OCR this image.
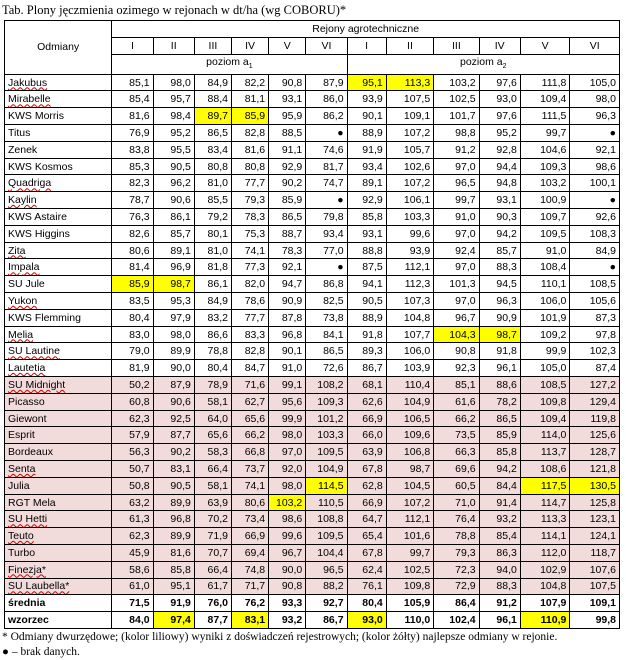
Tab. Plony jęczmienia ozimego w rejonach w dt/ha (wg COBORU)*
Odmiany	Rejony agrotechniczne											
	I	II	III	IV	V	VI	I	II	III	IV	V	VI
	poziom $a_1$						poziom $a_2$
Jakubus	85,1	98,0	84,9	82,2	90,8	87,9	95,1	113,3	103,2	97,6	111,8	105,0
Mirabelle	85,4	95,7	88,4	81,1	93,1	86,0	93,9	107,5	102,5	93,0	109,4	98,0
KWS Morris	81,6	98,4	89,7	85,9	95,9	86,2	90,1	109,1	101,7	97,6	111,5	96,3
Titus	76,9	95,2	86,5	82,8	88,5	●	88,9	107,2	98,8	95,2	99,7	●
Zenek	83,8	95,5	83,4	81,6	91,1	74,6	91,9	105,7	91,2	92,8	104,6	92,1
KWS Kosmos	85,3	90,5	80,8	80,8	92,9	81,7	93,4	102,6	97,0	94,4	109,3	98,6
Quadriga	82,3	96,2	81,0	77,7	90,2	74,7	89,1	107,2	96,5	94,8	103,2	100,1
Kaylin	78,7	90,6	85,5	79,3	85,9	●	92,9	106,1	99,7	93,1	100,9	●
KWS Astaire	76,3	86,1	79,2	78,3	86,5	79,8	85,8	103,3	91,0	90,3	109,7	92,6
KWS Higgins	82,6	85,7	80,1	75,3	88,7	93,4	93,1	99,6	97,0	94,2	109,5	108,3
Zita	80,6	89,1	81,0	74,1	78,3	77,0	88,8	93,9	92,4	85,7	91,0	84,9
Impala	81,4	96,9	81,8	77,3	92,1	●	87,5	112,1	97,0	88,3	108,4	●
SU Jule	85,9	98,7	86,1	82,0	94,7	86,8	94,1	112,3	101,3	94,5	110,1	108,5
Yukon	83,5	95,3	84,9	78,6	90,9	82,5	90,5	107,3	97,0	96,3	106,0	105,6
KWS Flemming	80,4	97,9	83,2	77,7	87,8	73,8	88,9	104,8	96,7	90,9	101,9	87,3
Melia	83,0	98,0	86,6	83,3	96,8	84,1	91,8	107,7	104,3	98,7	109,2	97,8
SU Lautine	79,0	89,9	78,8	82,8	90,1	86,5	89,3	106,0	90,8	91,8	99,9	102,3
Lautetia	81,9	90,0	80,4	84,7	91,0	72,6	86,7	103,9	92,3	96,1	105,0	87,4
SU Midnight	50,2	87,9	78,9	71,6	99,1	108,2	68,1	110,4	85,1	88,6	108,5	127,2
Picasso	60,8	90,6	58,1	62,7	95,6	109,3	62,6	104,9	61,6	78,2	109,8	129,4
Giewont	62,3	92,5	64,0	65,6	99,9	101,2	66,9	106,5	66,2	86,5	109,4	119,8
Esprit	57,9	87,7	65,6	66,2	98,0	103,3	66,0	109,6	73,5	85,9	114,0	125,6
Bordeaux	56,3	90,2	58,3	66,8	97,0	109,5	63,9	106,8	66,3	85,8	113,7	128,7
Senta	50,7	83,1	66,4	73,7	92,0	104,9	67,8	98,7	69,6	94,2	108,6	121,8
Julia	50,8	90,5	58,1	74,1	98,0	114,5	62,8	104,5	60,5	84,4	117,5	130,5
RGT Mela	63,2	89,9	63,9	80,6	103,2	110,5	66,9	107,2	71,0	91,4	114,7	125,8
SU Hetti	61,3	96,8	70,2	73,4	98,6	108,8	64,7	112,1	76,4	93,2	113,3	123,1
Teuto	62,3	89,9	71,9	66,9	99,6	109,5	65,4	101,6	78,8	85,4	114,1	124,1
Turbo	45,9	81,6	70,7	69,4	96,7	104,4	67,8	99,7	79,3	86,3	112,0	118,7
Finezja*	58,6	85,8	66,4	74,8	90,0	96,5	62,4	102,5	72,3	94,0	102,9	107,6
SU Laubella*	61,0	95,1	61,7	71,7	90,8	88,2	76,1	109,8	72,9	88,3	104,8	107,5
średnia	71,5	91,9	76,0	76,2	93,3	92,7	80,4	105,9	86,4	91,2	107,9	109,1
wzorzec	84,0	97,4	87,7	83,1	93,2	86,7	93,0	110,0	102,4	96,1	110,9	99,8
* Odmiany dwurzędowe; (kolor liliowy) wyniki z doświadczeń rejestrowych; (kolor żółty) najlepsze odmiany w rejonie.
● – brak danych.
